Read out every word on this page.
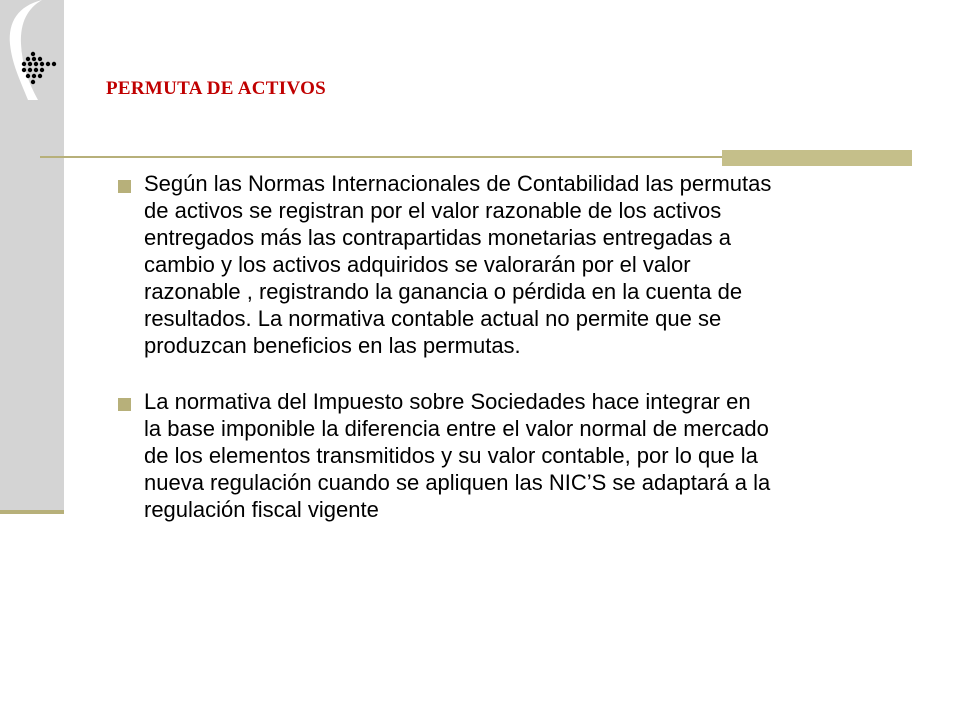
PERMUTA DE ACTIVOS
Según las Normas Internacionales de Contabilidad las permutas
de activos se registran por el valor razonable de los activos
entregados más las contrapartidas monetarias entregadas a
cambio y los activos adquiridos se valorarán por el valor
razonable , registrando la ganancia o pérdida en la cuenta de
resultados. La normativa contable actual no permite que se
produzcan beneficios en las permutas.
La normativa del Impuesto sobre Sociedades hace integrar en
la base imponible la diferencia entre el valor normal de mercado
de los elementos transmitidos y su valor contable, por lo que la
nueva regulación cuando se apliquen las NIC’S se adaptará a la
regulación fiscal vigente
